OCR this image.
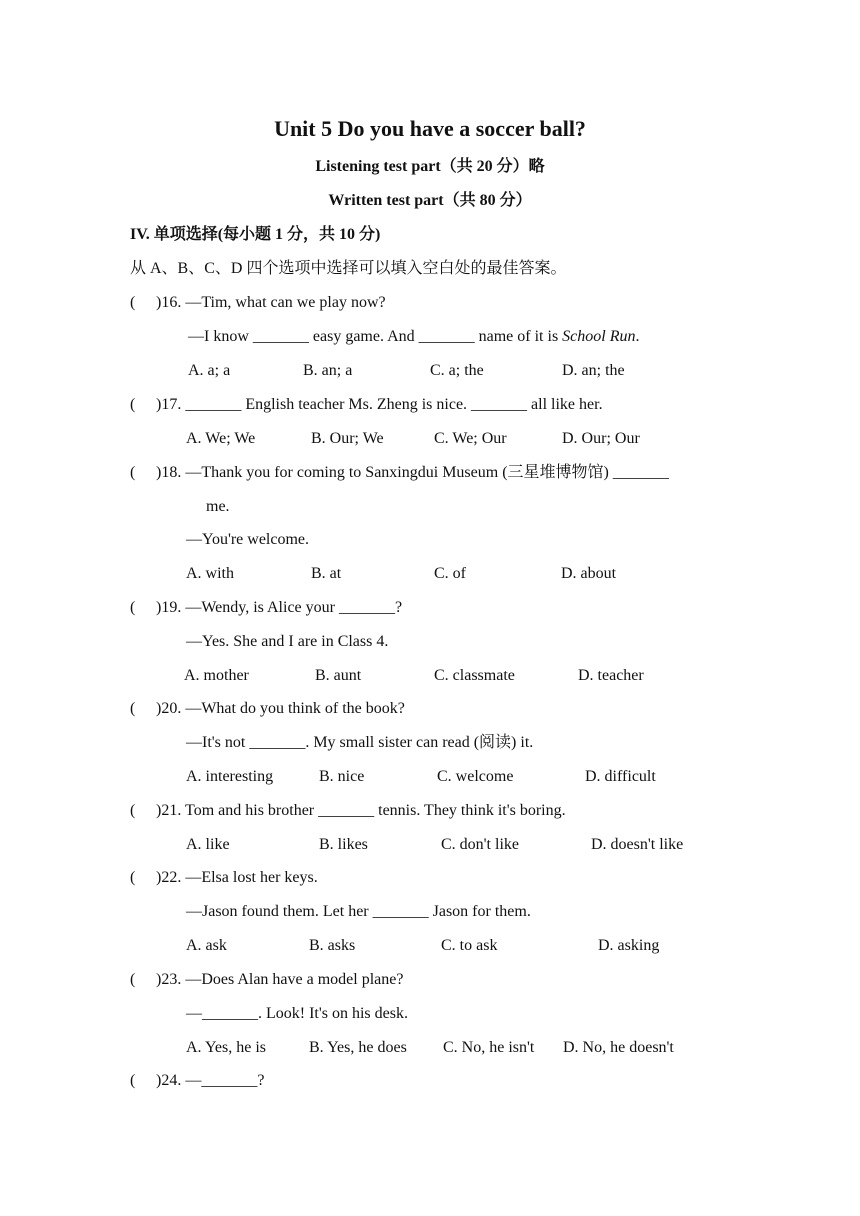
Unit 5 Do you have a soccer ball?
Listening test part（共 20 分）略
Written test part（共 80 分）
IV. 单项选择(每小题 1 分，共 10 分)
从 A、B、C、D 四个选项中选择可以填入空白处的最佳答案。
( )16. —Tim, what can we play now?
—I know _______ easy game. And _______ name of it is School Run.
A. a; a	B. an; a	C. a; the	D. an; the
( )17. _______ English teacher Ms. Zheng is nice. _______ all like her.
A. We; We	B. Our; We	C. We; Our	D. Our; Our
( )18. —Thank you for coming to Sanxingdui Museum (三星堆博物馆) _______
me.
—You're welcome.
A. with	B. at	C. of	D. about
( )19. —Wendy, is Alice your _______?
—Yes. She and I are in Class 4.
A. mother	B. aunt	C. classmate	D. teacher
( )20. —What do you think of the book?
—It's not _______. My small sister can read (阅读) it.
A. interesting	B. nice	C. welcome	D. difficult
( )21. Tom and his brother _______ tennis. They think it's boring.
A. like	B. likes	C. don't like	D. doesn't like
( )22. —Elsa lost her keys.
—Jason found them. Let her _______ Jason for them.
A. ask	B. asks	C. to ask	D. asking
( )23. —Does Alan have a model plane?
—_______. Look! It's on his desk.
A. Yes, he is	B. Yes, he does C. No, he isn't D. No, he doesn't
( )24. —_______?
